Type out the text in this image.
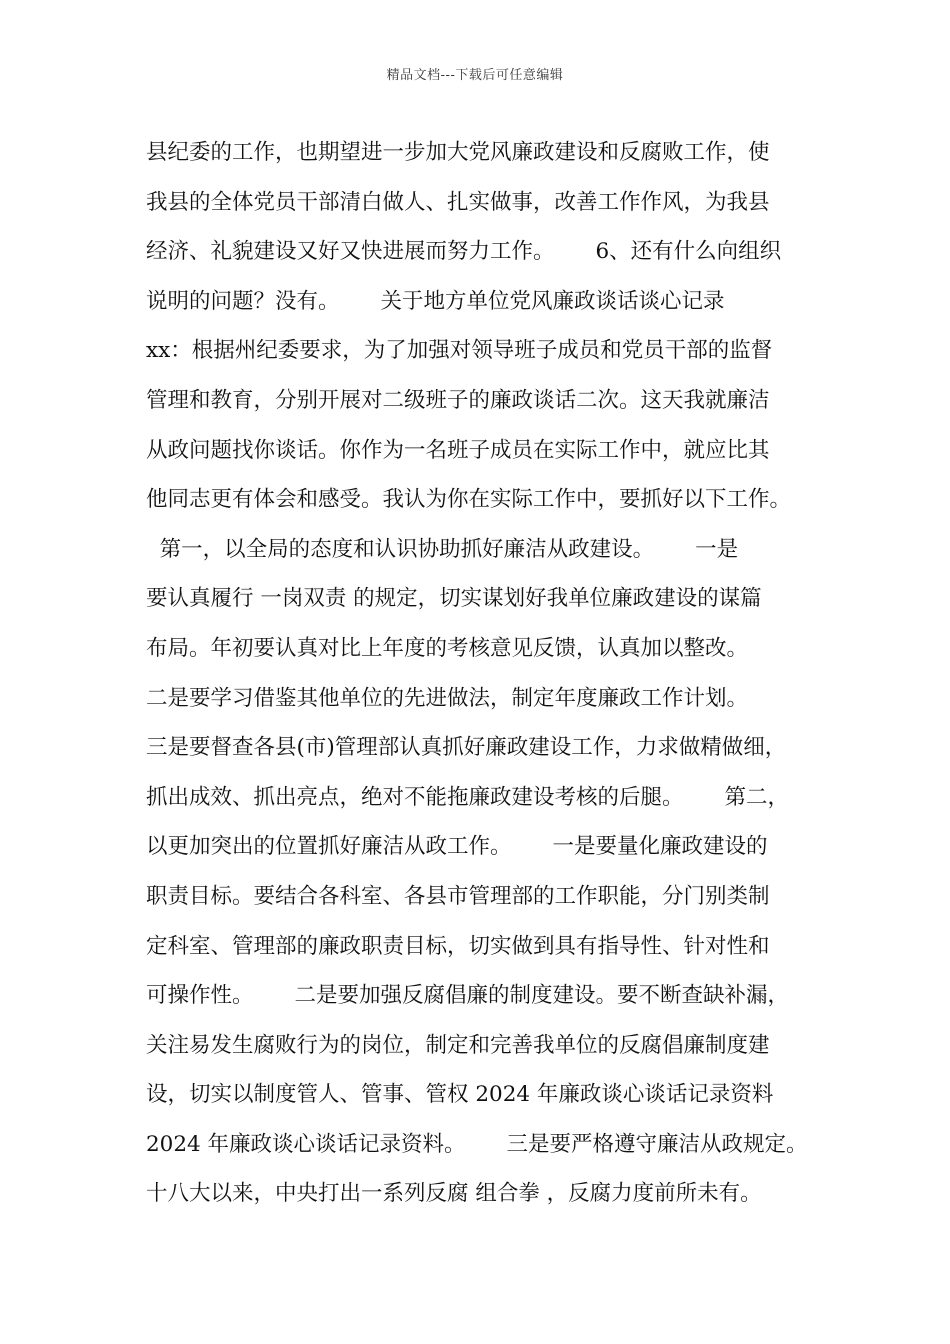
精品文档---下载后可任意编辑
县纪委的工作，也期望进一步加大党风廉政建设和反腐败工作，使
我县的全体党员干部清白做人、扎实做事，改善工作作风，为我县
经济、礼貌建设又好又快进展而努力工作。      6、还有什么向组织
说明的问题？没有。      关于地方单位党风廉政谈话谈心记录
xx：根据州纪委要求，为了加强对领导班子成员和党员干部的监督
管理和教育，分别开展对二级班子的廉政谈话二次。这天我就廉洁
从政问题找你谈话。你作为一名班子成员在实际工作中，就应比其
他同志更有体会和感受。我认为你在实际工作中，要抓好以下工作。
第一，以全局的态度和认识协助抓好廉洁从政建设。      一是
要认真履行 一岗双责 的规定，切实谋划好我单位廉政建设的谋篇
布局。年初要认真对比上年度的考核意见反馈，认真加以整改。
二是要学习借鉴其他单位的先进做法，制定年度廉政工作计划。
三是要督查各县(市)管理部认真抓好廉政建设工作，力求做精做细，
抓出成效、抓出亮点，绝对不能拖廉政建设考核的后腿。      第二，
以更加突出的位置抓好廉洁从政工作。      一是要量化廉政建设的
职责目标。要结合各科室、各县市管理部的工作职能，分门别类制
定科室、管理部的廉政职责目标，切实做到具有指导性、针对性和
可操作性。      二是要加强反腐倡廉的制度建设。要不断查缺补漏，
关注易发生腐败行为的岗位，制定和完善我单位的反腐倡廉制度建
设，切实以制度管人、管事、管权 2024 年廉政谈心谈话记录资料
2024 年廉政谈心谈话记录资料。      三是要严格遵守廉洁从政规定。
十八大以来，中央打出一系列反腐 组合拳 ，反腐力度前所未有。
